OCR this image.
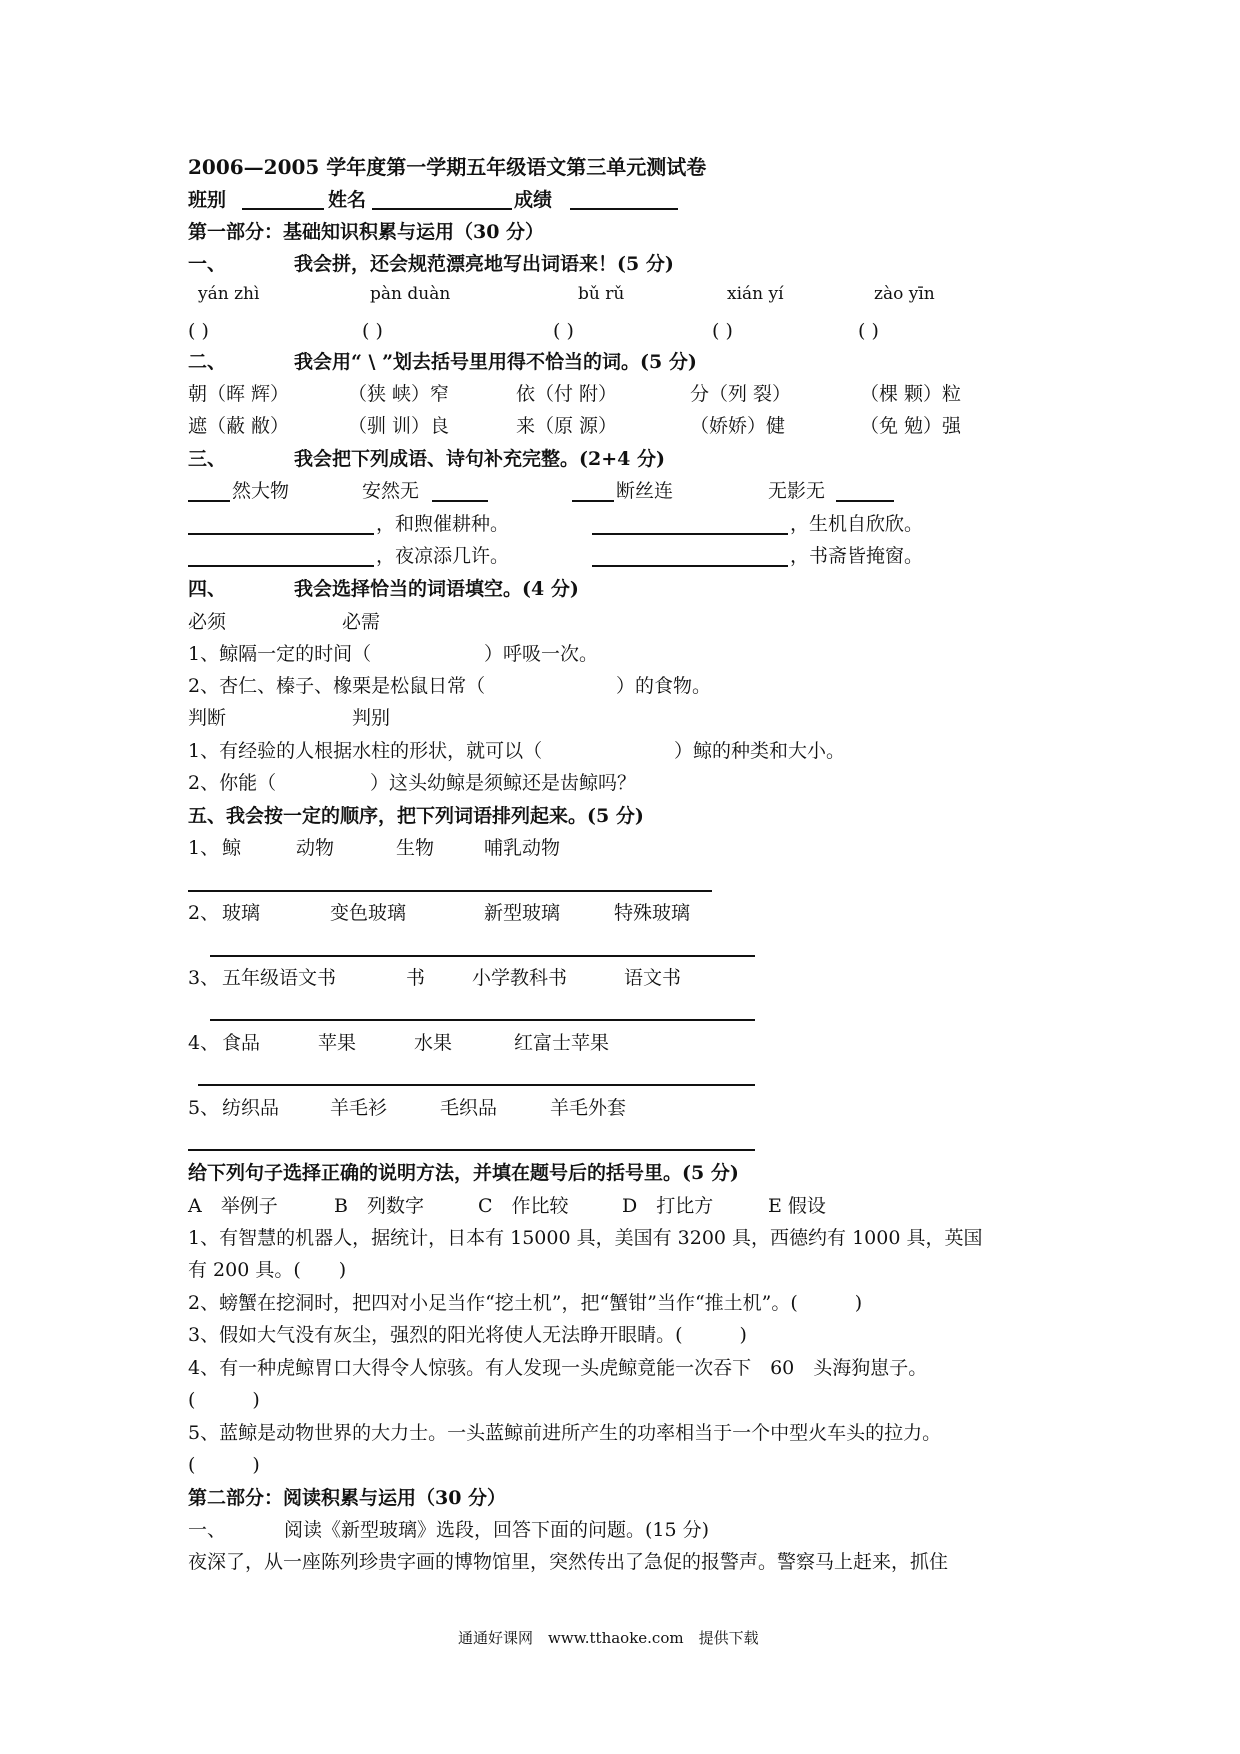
2006—2005 学年度第一学期五年级语文第三单元测试卷
班别	姓名	成绩
第一部分：基础知识积累与运用（30 分）
一、	我会拼，还会规范漂亮地写出词语来！(5 分)
yán zhì	pàn duàn	bǔ rǔ	xián yí	zào yīn
( )	( )	( )	( )	( )
二、	我会用“ \ ”划去括号里用得不恰当的词。(5 分)
朝（晖 辉）	（狭 峡）窄	依（付 附）	分（列 裂）	（棵 颗）粒
遮（蔽 敝）	（驯 训）良	来（原 源）	（娇娇）健	（免 勉）强
三、	我会把下列成语、诗句补充完整。(2+4 分)
然大物	安然无	断丝连	无影无
，和煦催耕种。	，生机自欣欣。
，夜凉添几许。	，书斋皆掩窗。
四、	我会选择恰当的词语填空。(4 分)
必须	必需
1、鲸隔一定的时间（	）呼吸一次。
2、杏仁、榛子、橡栗是松鼠日常（	）的食物。
判断	判别
1、有经验的人根据水柱的形状，就可以（	）鲸的种类和大小。
2、你能（	）这头幼鲸是须鲸还是齿鲸吗？
五、我会按一定的顺序，把下列词语排列起来。(5 分)
1、 鲸	动物	生物	哺乳动物
2、 玻璃	变色玻璃	新型玻璃	特殊玻璃
3、 五年级语文书	书 小学教科书	语文书
4、 食品	苹果	水果	红富士苹果
5、 纺织品	羊毛衫	毛织品	羊毛外套
给下列句子选择正确的说明方法，并填在题号后的括号里。(5 分)
A　举例子	B　列数字	C　作比较	D　打比方	E 假设
1、有智慧的机器人，据统计，日本有 15000 具，美国有 3200 具，西德约有 1000 具，英国
有 200 具。(　　)
2、螃蟹在挖洞时，把四对小足当作“挖土机”，把“蟹钳”当作“推土机”。(　　　)
3、假如大气没有灰尘，强烈的阳光将使人无法睁开眼睛。(　　　)
4、有一种虎鲸胃口大得令人惊骇。有人发现一头虎鲸竟能一次吞下　60　头海狗崽子。
(　　　)
5、蓝鲸是动物世界的大力士。一头蓝鲸前进所产生的功率相当于一个中型火车头的拉力。
(　　　)
第二部分：阅读积累与运用（30 分）
一、	阅读《新型玻璃》选段，回答下面的问题。(15 分)
夜深了，从一座陈列珍贵字画的博物馆里，突然传出了急促的报警声。警察马上赶来，抓住
通通好课网　www.tthaoke.com　提供下载
